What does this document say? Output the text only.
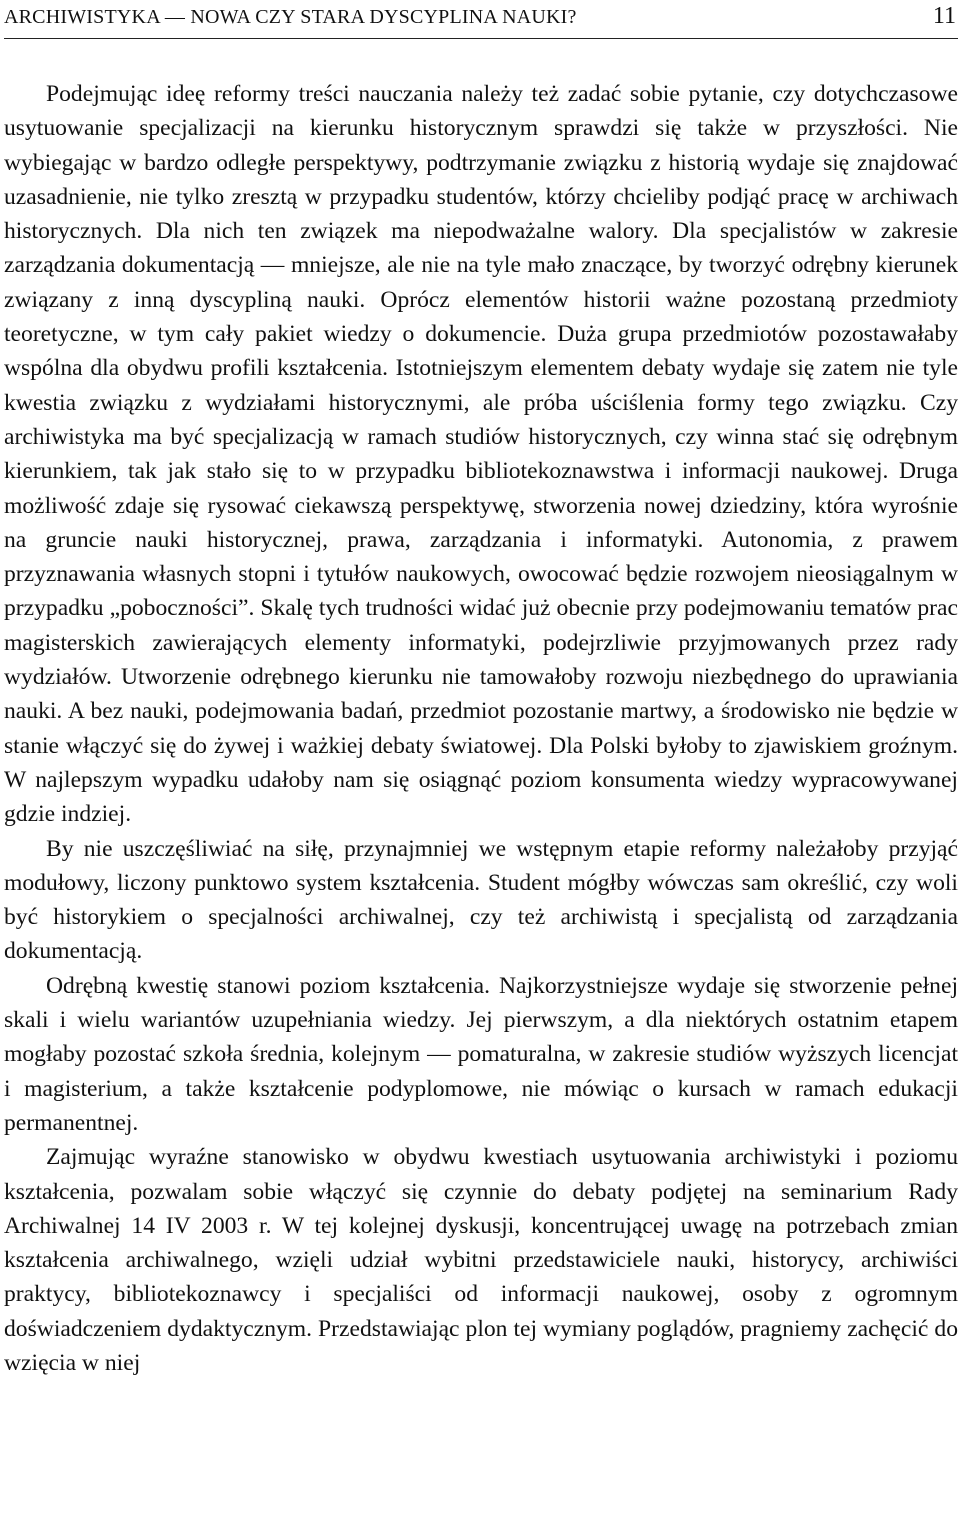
ARCHIWISTYKA — NOWA CZY STARA DYSCYPLINA NAUKI?	11

Podejmując ideę reformy treści nauczania należy też zadać sobie pytanie, czy dotychczasowe usytuowanie specjalizacji na kierunku historycznym sprawdzi się także w przyszłości. Nie wybiegając w bardzo odległe perspektywy, podtrzymanie związku z historią wydaje się znajdować uzasadnienie, nie tylko zresztą w przypadku studentów, którzy chcieliby podjąć pracę w archiwach historycznych. Dla nich ten związek ma niepodważalne walory. Dla specjalistów w zakresie zarządzania dokumentacją — mniejsze, ale nie na tyle mało znaczące, by tworzyć odrębny kierunek związany z inną dyscypliną nauki. Oprócz elementów historii ważne pozostaną przedmioty teoretyczne, w tym cały pakiet wiedzy o dokumencie. Duża grupa przedmiotów pozostawałaby wspólna dla obydwu profili kształcenia. Istotniejszym elementem debaty wydaje się zatem nie tyle kwestia związku z wydziałami historycznymi, ale próba uściślenia formy tego związku. Czy archiwistyka ma być specjalizacją w ramach studiów historycznych, czy winna stać się odrębnym kierunkiem, tak jak stało się to w przypadku bibliotekoznawstwa i informacji naukowej. Druga możliwość zdaje się rysować ciekawszą perspektywę, stworzenia nowej dziedziny, która wyrośnie na gruncie nauki historycznej, prawa, zarządzania i informatyki. Autonomia, z prawem przyznawania własnych stopni i tytułów naukowych, owocować będzie rozwojem nieosiągalnym w przypadku „poboczności”. Skalę tych trudności widać już obecnie przy podejmowaniu tematów prac magisterskich zawierających elementy informatyki, podejrzliwie przyjmowanych przez rady wydziałów. Utworzenie odrębnego kierunku nie tamowałoby rozwoju niezbędnego do uprawiania nauki. A bez nauki, podejmowania badań, przedmiot pozostanie martwy, a środowisko nie będzie w stanie włączyć się do żywej i ważkiej debaty światowej. Dla Polski byłoby to zjawiskiem groźnym. W najlepszym wypadku udałoby nam się osiągnąć poziom konsumenta wiedzy wypracowywanej gdzie indziej.

By nie uszczęśliwiać na siłę, przynajmniej we wstępnym etapie reformy należałoby przyjąć modułowy, liczony punktowo system kształcenia. Student mógłby wówczas sam określić, czy woli być historykiem o specjalności archiwalnej, czy też archiwistą i specjalistą od zarządzania dokumentacją.

Odrębną kwestię stanowi poziom kształcenia. Najkorzystniejsze wydaje się stworzenie pełnej skali i wielu wariantów uzupełniania wiedzy. Jej pierwszym, a dla niektórych ostatnim etapem mogłaby pozostać szkoła średnia, kolejnym — pomaturalna, w zakresie studiów wyższych licencjat i magisterium, a także kształcenie podyplomowe, nie mówiąc o kursach w ramach edukacji permanentnej.

Zajmując wyraźne stanowisko w obydwu kwestiach usytuowania archiwistyki i poziomu kształcenia, pozwalam sobie włączyć się czynnie do debaty podjętej na seminarium Rady Archiwalnej 14 IV 2003 r. W tej kolejnej dyskusji, koncentrującej uwagę na potrzebach zmian kształcenia archiwalnego, wzięli udział wybitni przedstawiciele nauki, historycy, archiwiści praktycy, bibliotekoznawcy i specjaliści od informacji naukowej, osoby z ogromnym doświadczeniem dydaktycznym. Przedstawiając plon tej wymiany poglądów, pragniemy zachęcić do wzięcia w niej
